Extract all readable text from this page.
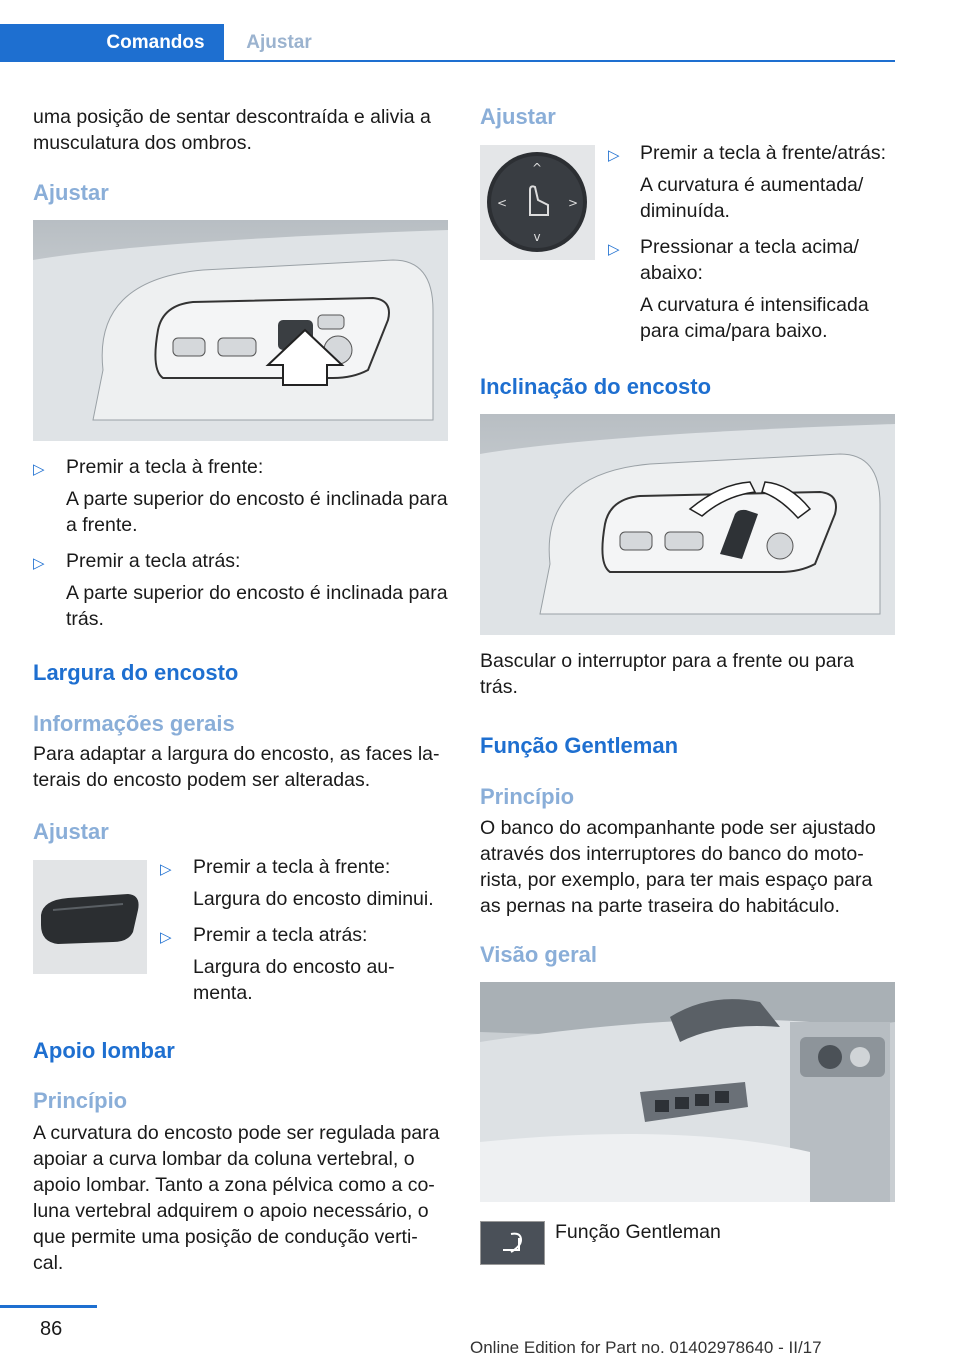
Comandos	Ajustar
uma posição de sentar descontraída e alivia a musculatura dos ombros.
Ajustar
▷ Premir a tecla à frente:
A parte superior do encosto é inclinada para a frente.
▷ Premir a tecla atrás:
A parte superior do encosto é inclinada para trás.
Largura do encosto
Informações gerais
Para adaptar a largura do encosto, as faces la-terais do encosto podem ser alteradas.
Ajustar
▷ Premir a tecla à frente:
Largura do encosto diminui.
▷ Premir a tecla atrás:
Largura do encosto au-menta.
Apoio lombar
Princípio
A curvatura do encosto pode ser regulada para apoiar a curva lombar da coluna vertebral, o apoio lombar. Tanto a zona pélvica como a co-luna vertebral adquirem o apoio necessário, o que permite uma posição de condução verti-cal.
Ajustar
^
v
<	>
▷ Premir a tecla à frente/atrás:
A curvatura é aumentada/ diminuída.
▷ Pressionar a tecla acima/ abaixo:
A curvatura é intensificada para cima/para baixo.
Inclinação do encosto
Bascular o interruptor para a frente ou para trás.
Função Gentleman
Princípio
O banco do acompanhante pode ser ajustado através dos interruptores do banco do moto-rista, por exemplo, para ter mais espaço para as pernas na parte traseira do habitáculo.
Visão geral
Função Gentleman
86
Online Edition for Part no. 01402978640 - II/17
